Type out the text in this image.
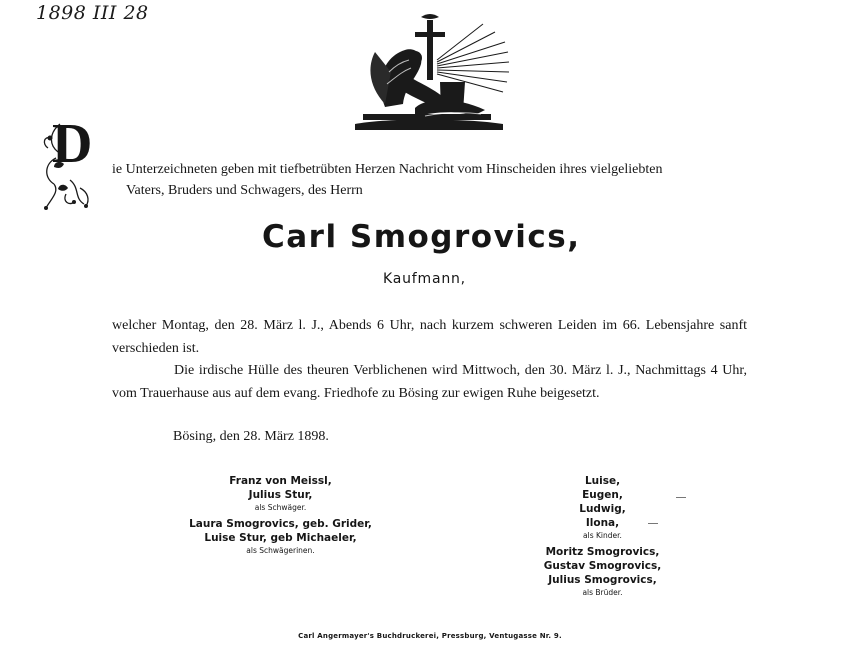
1898 III 28
D ie Unterzeichneten geben mit tiefbetrübten Herzen Nachricht vom Hinscheiden ihres vielgeliebten
Vaters, Bruders und Schwagers, des Herrn
Carl Smogrovics,
Kaufmann,
welcher Montag, den 28. März l. J., Abends 6 Uhr, nach kurzem schweren Leiden im 66. Lebensjahre sanft verschieden ist.
Die irdische Hülle des theuren Verblichenen wird Mittwoch, den 30. März l. J., Nachmittags 4 Uhr, vom Trauerhause aus auf dem evang. Friedhofe zu Bösing zur ewigen Ruhe beigesetzt.
Bösing, den 28. März 1898.
Franz von Meissl,
Julius Stur,
als Schwäger.
Laura Smogrovics, geb. Grider,
Luise Stur, geb Michaeler,
als Schwägerinen.
Luise,
Eugen,
Ludwig,
Ilona,
als Kinder.
Moritz Smogrovics,
Gustav Smogrovics,
Julius Smogrovics,
als Brüder.
Carl Angermayer's Buchdruckerei, Pressburg, Ventugasse Nr. 9.
